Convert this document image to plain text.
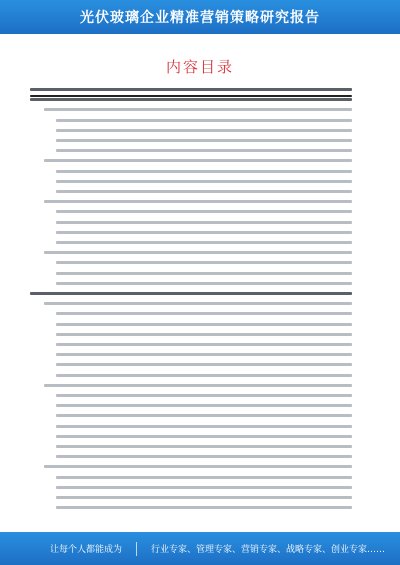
光伏玻璃企业精准营销策略研究报告
内容目录
让每个人都能成为	行业专家、管理专家、营销专家、战略专家、创业专家……
